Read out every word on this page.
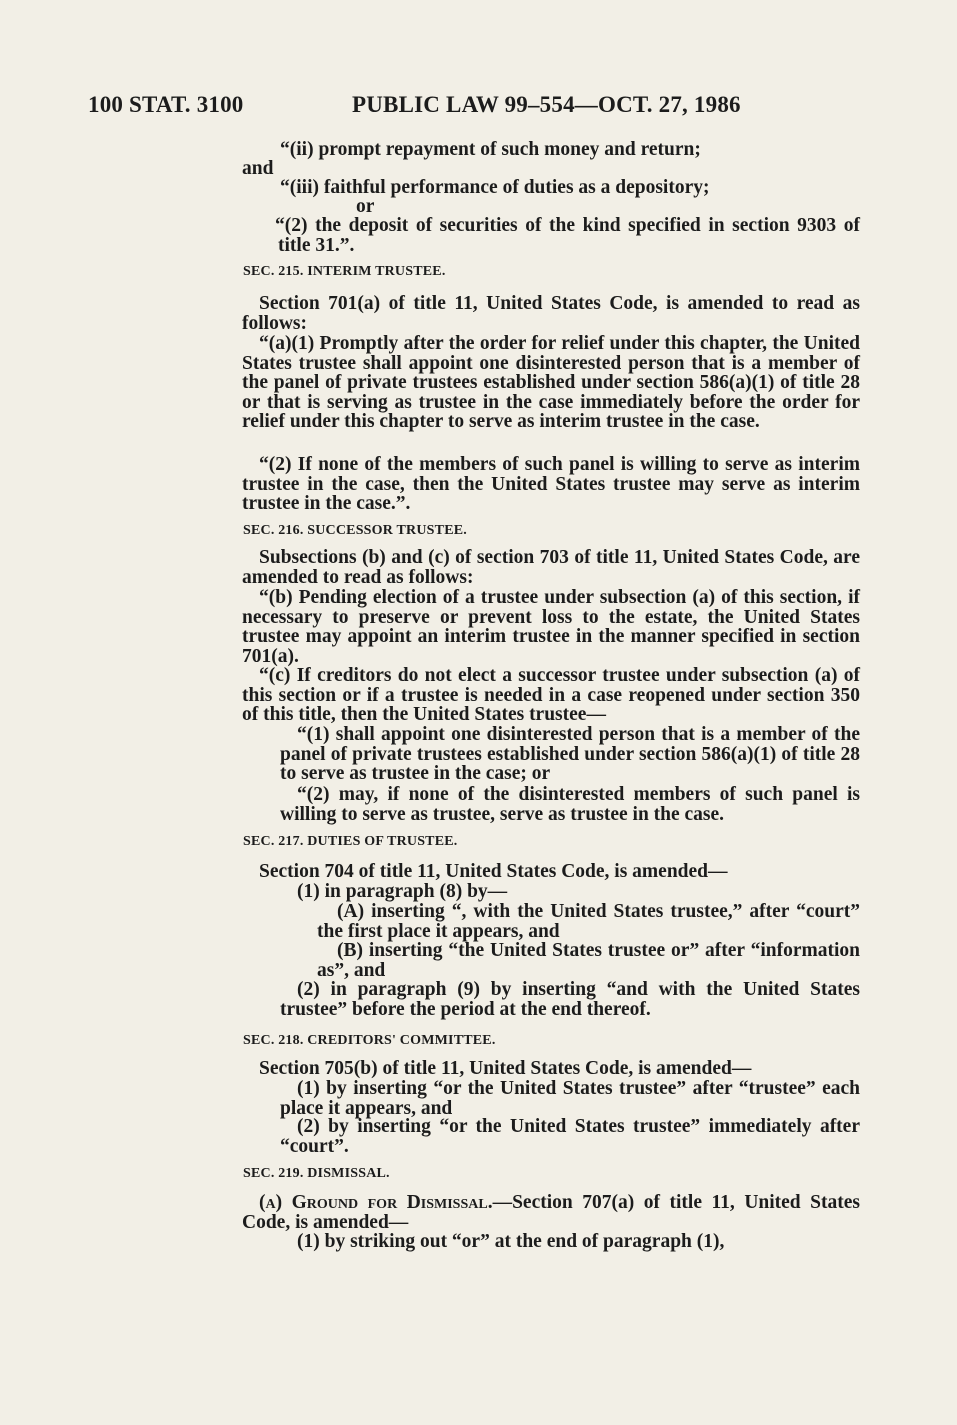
100 STAT. 3100	PUBLIC LAW 99–554—OCT. 27, 1986
“(ii) prompt repayment of such money and return;
and
“(iii) faithful performance of duties as a depository;
or
“(2) the deposit of securities of the kind specified in section 9303 of title 31.”.
SEC. 215. INTERIM TRUSTEE.
Section 701(a) of title 11, United States Code, is amended to read as follows:
“(a)(1) Promptly after the order for relief under this chapter, the United States trustee shall appoint one disinterested person that is a member of the panel of private trustees established under section 586(a)(1) of title 28 or that is serving as trustee in the case immediately before the order for relief under this chapter to serve as interim trustee in the case.
“(2) If none of the members of such panel is willing to serve as interim trustee in the case, then the United States trustee may serve as interim trustee in the case.”.
SEC. 216. SUCCESSOR TRUSTEE.
Subsections (b) and (c) of section 703 of title 11, United States Code, are amended to read as follows:
“(b) Pending election of a trustee under subsection (a) of this section, if necessary to preserve or prevent loss to the estate, the United States trustee may appoint an interim trustee in the manner specified in section 701(a).
“(c) If creditors do not elect a successor trustee under subsection (a) of this section or if a trustee is needed in a case reopened under section 350 of this title, then the United States trustee—
“(1) shall appoint one disinterested person that is a member of the panel of private trustees established under section 586(a)(1) of title 28 to serve as trustee in the case; or
“(2) may, if none of the disinterested members of such panel is willing to serve as trustee, serve as trustee in the case.
SEC. 217. DUTIES OF TRUSTEE.
Section 704 of title 11, United States Code, is amended—
(1) in paragraph (8) by—
(A) inserting “, with the United States trustee,” after “court” the first place it appears, and
(B) inserting “the United States trustee or” after “information as”, and
(2) in paragraph (9) by inserting “and with the United States trustee” before the period at the end thereof.
SEC. 218. CREDITORS' COMMITTEE.
Section 705(b) of title 11, United States Code, is amended—
(1) by inserting “or the United States trustee” after “trustee” each place it appears, and
(2) by inserting “or the United States trustee” immediately after “court”.
SEC. 219. DISMISSAL.
(a) Ground for Dismissal.—Section 707(a) of title 11, United States Code, is amended—
(1) by striking out “or” at the end of paragraph (1),
